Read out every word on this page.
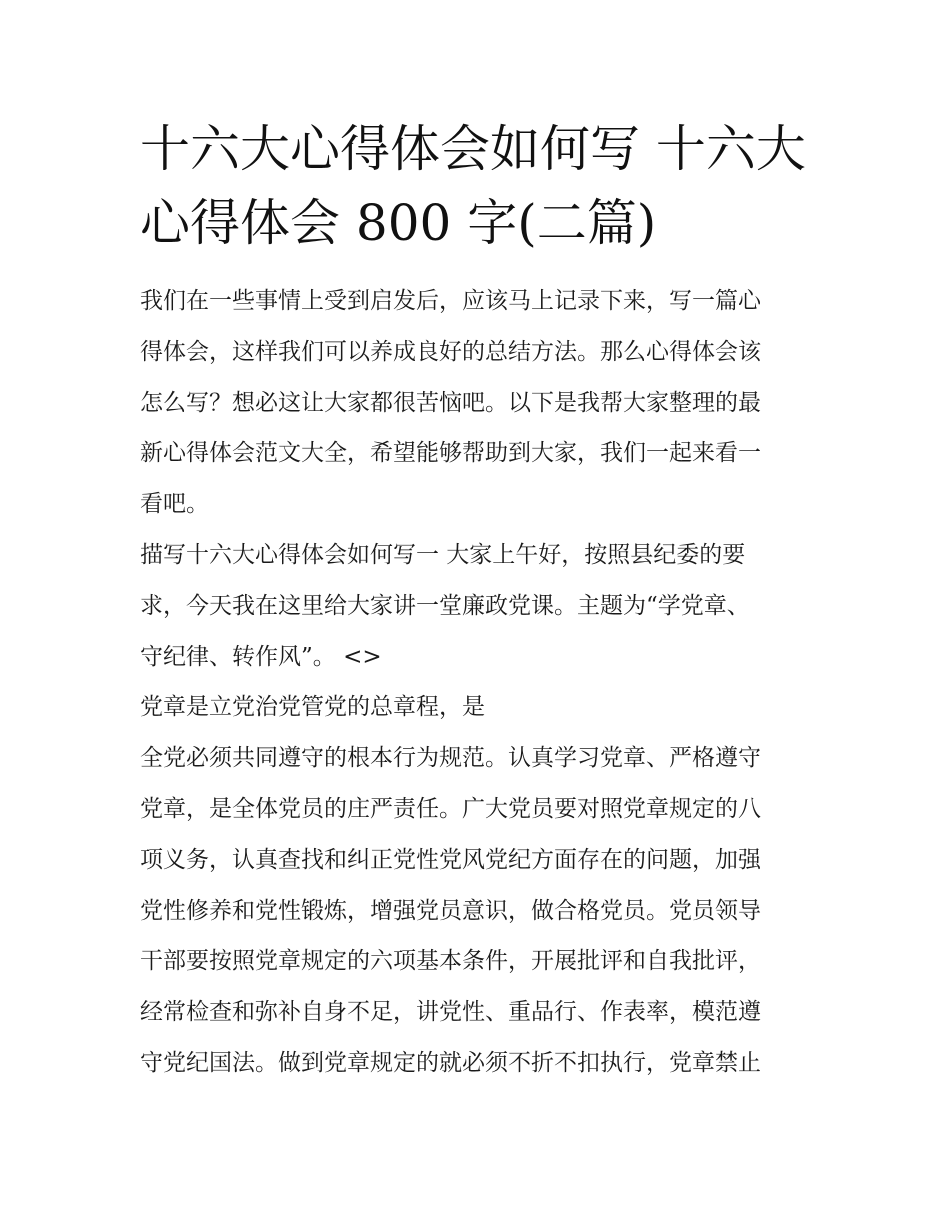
十六大心得体会如何写 十六大
心得体会 800 字(二篇)
我们在一些事情上受到启发后，应该马上记录下来，写一篇心
得体会，这样我们可以养成良好的总结方法。那么心得体会该
怎么写？想必这让大家都很苦恼吧。以下是我帮大家整理的最
新心得体会范文大全，希望能够帮助到大家，我们一起来看一
看吧。
描写十六大心得体会如何写一 大家上午好，按照县纪委的要
求，今天我在这里给大家讲一堂廉政党课。主题为“学党章、
守纪律、转作风”。 <>
党章是立党治党管党的总章程，是
全党必须共同遵守的根本行为规范。认真学习党章、严格遵守
党章，是全体党员的庄严责任。广大党员要对照党章规定的八
项义务，认真查找和纠正党性党风党纪方面存在的问题，加强
党性修养和党性锻炼，增强党员意识，做合格党员。党员领导
干部要按照党章规定的六项基本条件，开展批评和自我批评，
经常检查和弥补自身不足，讲党性、重品行、作表率，模范遵
守党纪国法。做到党章规定的就必须不折不扣执行，党章禁止
